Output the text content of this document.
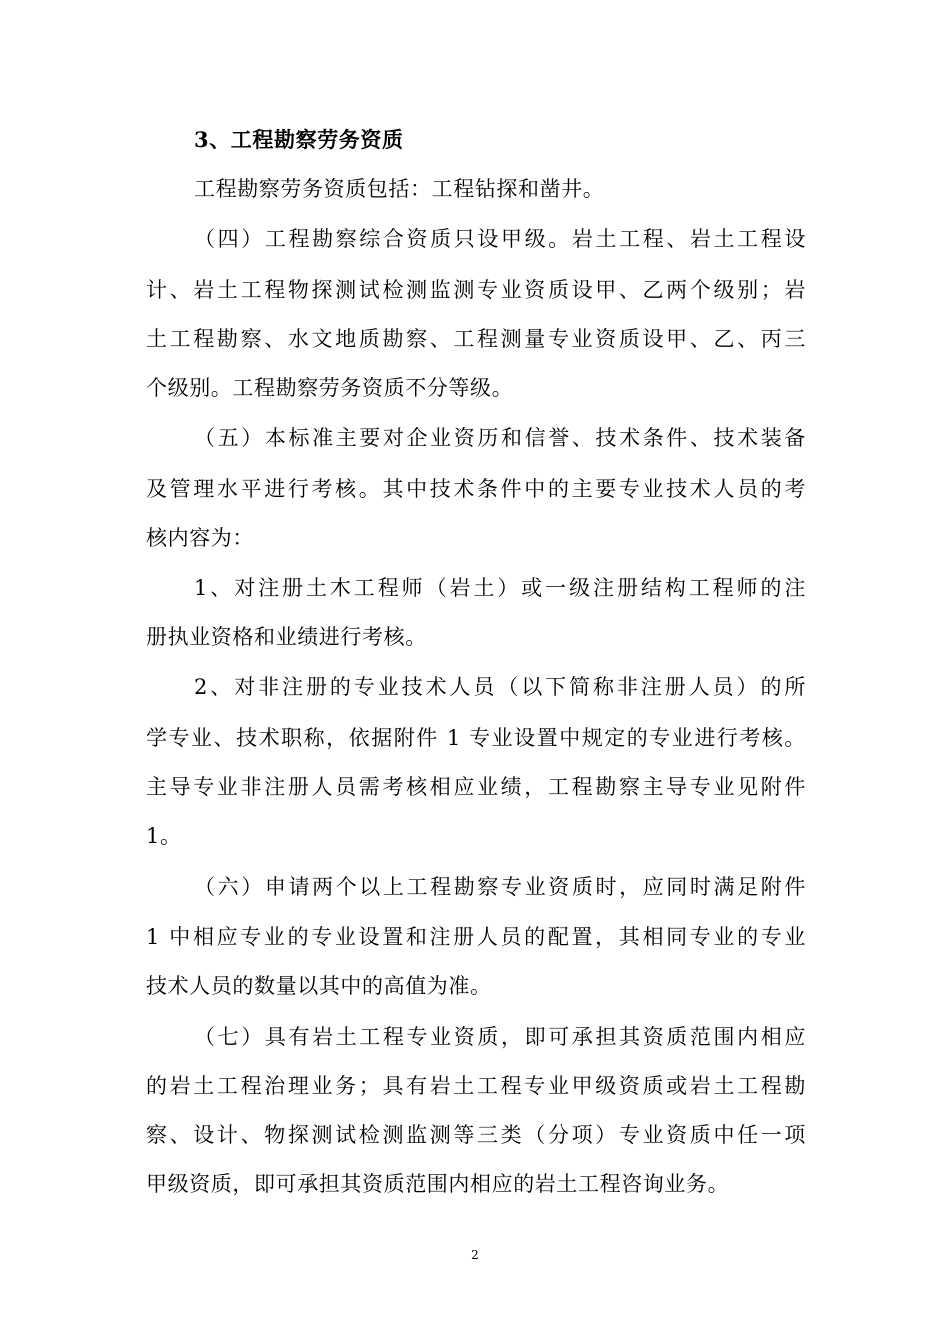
3、工程勘察劳务资质
工程勘察劳务资质包括：工程钻探和凿井。
（四）工程勘察综合资质只设甲级。岩土工程、岩土工程设
计、岩土工程物探测试检测监测专业资质设甲、乙两个级别；岩
土工程勘察、水文地质勘察、工程测量专业资质设甲、乙、丙三
个级别。工程勘察劳务资质不分等级。
（五）本标准主要对企业资历和信誉、技术条件、技术装备
及管理水平进行考核。其中技术条件中的主要专业技术人员的考
核内容为：
1、对注册土木工程师（岩土）或一级注册结构工程师的注
册执业资格和业绩进行考核。
2、对非注册的专业技术人员（以下简称非注册人员）的所
学专业、技术职称，依据附件 1 专业设置中规定的专业进行考核。
主导专业非注册人员需考核相应业绩，工程勘察主导专业见附件
1。
（六）申请两个以上工程勘察专业资质时，应同时满足附件
1 中相应专业的专业设置和注册人员的配置，其相同专业的专业
技术人员的数量以其中的高值为准。
（七）具有岩土工程专业资质，即可承担其资质范围内相应
的岩土工程治理业务；具有岩土工程专业甲级资质或岩土工程勘
察、设计、物探测试检测监测等三类（分项）专业资质中任一项
甲级资质，即可承担其资质范围内相应的岩土工程咨询业务。
2
